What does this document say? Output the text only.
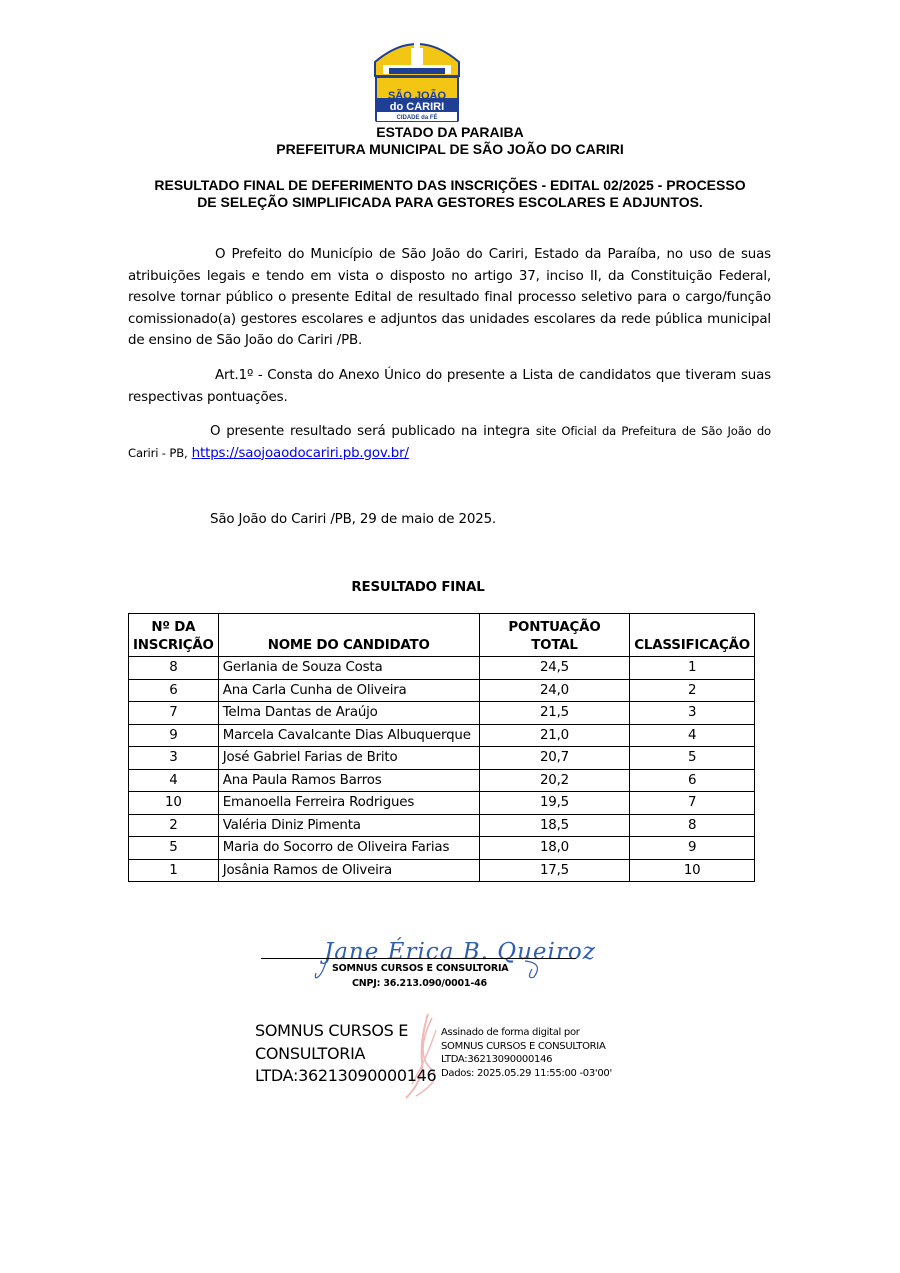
SÃO JOÃO
do CARIRI
CIDADE da FÉ
ESTADO DA PARAIBA
PREFEITURA MUNICIPAL DE SÃO JOÃO DO CARIRI
RESULTADO FINAL DE DEFERIMENTO DAS INSCRIÇÕES - EDITAL 02/2025 - PROCESSO
DE SELEÇÃO SIMPLIFICADA PARA GESTORES ESCOLARES E ADJUNTOS.
O Prefeito do Município de São João do Cariri, Estado da Paraíba, no uso de suas atribuições legais e tendo em vista o disposto no artigo 37, inciso II, da Constituição Federal, resolve tornar público o presente Edital de resultado final processo seletivo para o cargo/função comissionado(a) gestores escolares e adjuntos das unidades escolares da rede pública municipal de ensino de São João do Cariri /PB.
Art.1º - Consta do Anexo Único do presente a Lista de candidatos que tiveram suas respectivas pontuações.
O presente resultado será publicado na integra site Oficial da Prefeitura de São João do Cariri - PB, https://saojoaodocariri.pb.gov.br/
São João do Cariri /PB, 29 de maio de 2025.
RESULTADO FINAL
Nº DA
INSCRIÇÃO	NOME DO CANDIDATO	PONTUAÇÃO TOTAL	CLASSIFICAÇÃO
8	Gerlania de Souza Costa	24,5	1
6	Ana Carla Cunha de Oliveira	24,0	2
7	Telma Dantas de Araújo	21,5	3
9	Marcela Cavalcante Dias Albuquerque	21,0	4
3	José Gabriel Farias de Brito	20,7	5
4	Ana Paula Ramos Barros	20,2	6
10	Emanoella Ferreira Rodrigues	19,5	7
2	Valéria Diniz Pimenta	18,5	8
5	Maria do Socorro de Oliveira Farias	18,0	9
1	Josânia Ramos de Oliveira	17,5	10
Jane Érica B. Queiroz
SOMNUS CURSOS E CONSULTORIA
CNPJ: 36.213.090/0001-46
SOMNUS CURSOS E
CONSULTORIA
LTDA:36213090000146
Assinado de forma digital por
SOMNUS CURSOS E CONSULTORIA
LTDA:36213090000146
Dados: 2025.05.29 11:55:00 -03'00'
